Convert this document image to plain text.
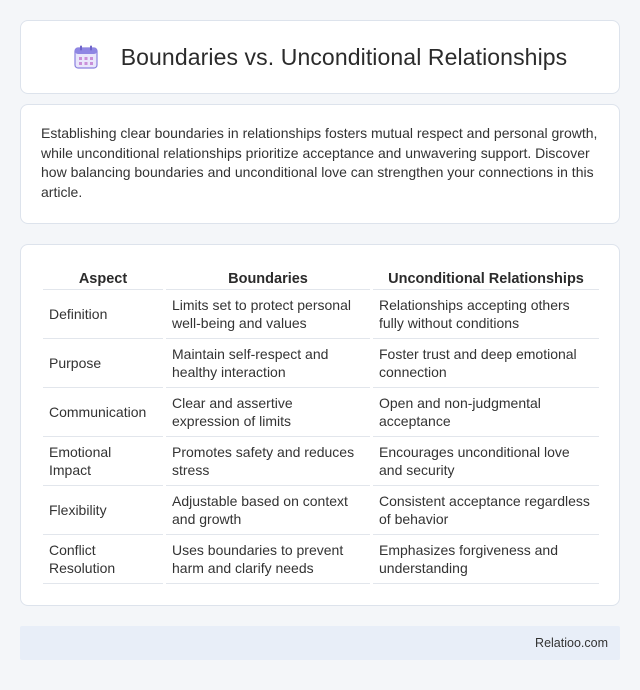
Boundaries vs. Unconditional Relationships

Establishing clear boundaries in relationships fosters mutual respect and personal growth, while unconditional relationships prioritize acceptance and unwavering support. Discover how balancing boundaries and unconditional love can strengthen your connections in this article.

Aspect	Boundaries	Unconditional Relationships
Definition	Limits set to protect personal well-being and values	Relationships accepting others fully without conditions
Purpose	Maintain self-respect and healthy interaction	Foster trust and deep emotional connection
Communication	Clear and assertive expression of limits	Open and non-judgmental acceptance
Emotional Impact	Promotes safety and reduces stress	Encourages unconditional love and security
Flexibility	Adjustable based on context and growth	Consistent acceptance regardless of behavior
Conflict Resolution	Uses boundaries to prevent harm and clarify needs	Emphasizes forgiveness and understanding
Relatioo.com
